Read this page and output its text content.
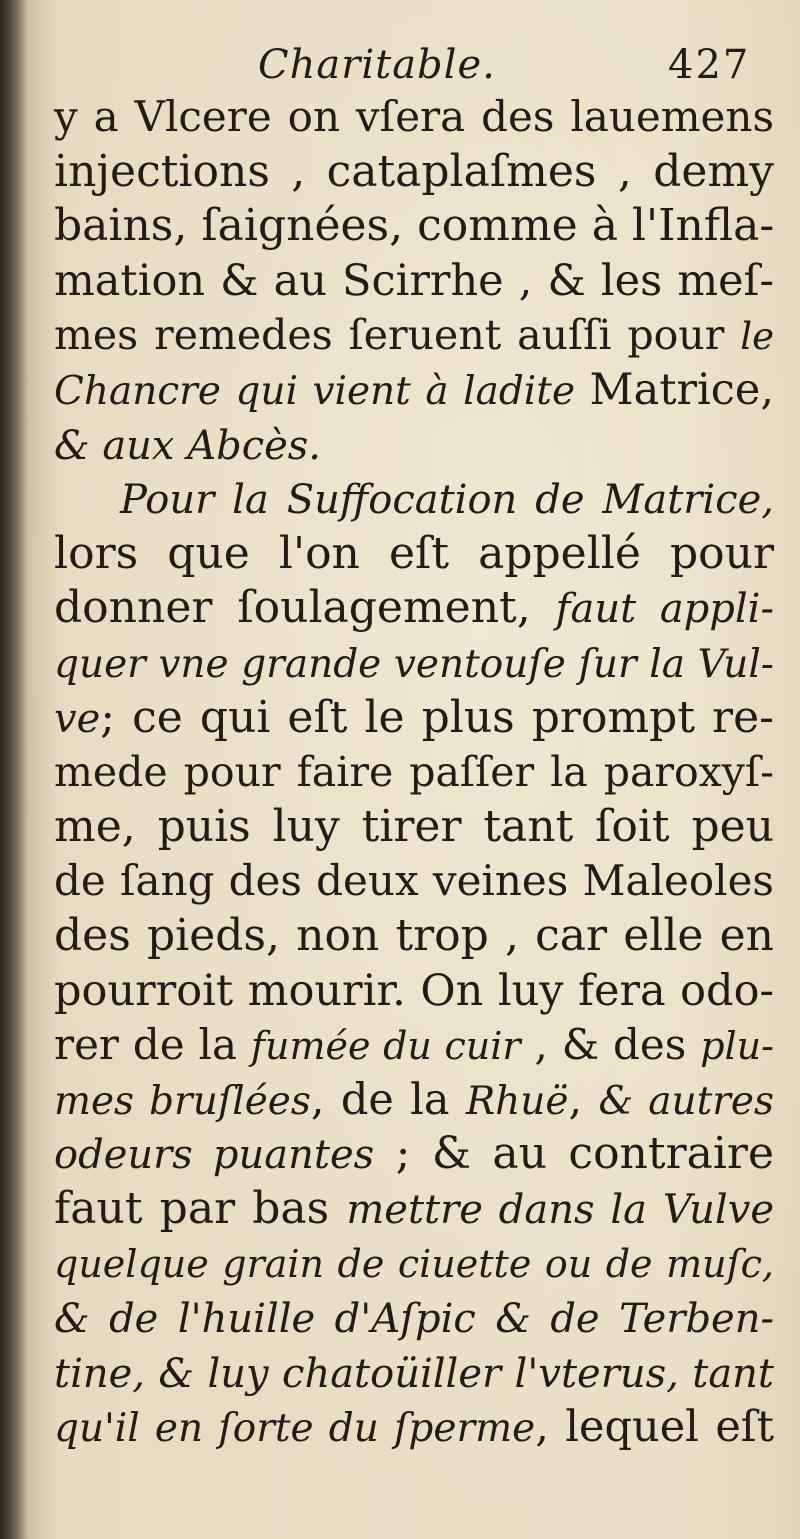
Charitable.	427
y a Vlcere on vſera des lauemens
injections , cataplaſmes , demy
bains, ſaignées, comme à l'Infla-
mation & au Scirrhe , & les meſ-
mes remedes ſeruent auſſi pour le
Chancre qui vient à ladite Matrice,
& aux Abcès.
Pour la Suffocation de Matrice,
lors que l'on eſt appellé pour
donner ſoulagement, faut appli-
quer vne grande ventouſe ſur la Vul-
ve; ce qui eſt le plus prompt re-
mede pour faire paſſer la paroxyſ-
me, puis luy tirer tant ſoit peu
de ſang des deux veines Maleoles
des pieds, non trop , car elle en
pourroit mourir. On luy fera odo-
rer de la fumée du cuir , & des plu-
mes bruſlées, de la Rhuë, & autres
odeurs puantes ; & au contraire
faut par bas mettre dans la Vulve
quelque grain de ciuette ou de muſc,
& de l'huille d'Aſpic & de Terben-
tine, & luy chatoüiller l'vterus, tant
qu'il en ſorte du ſperme, lequel eſt
